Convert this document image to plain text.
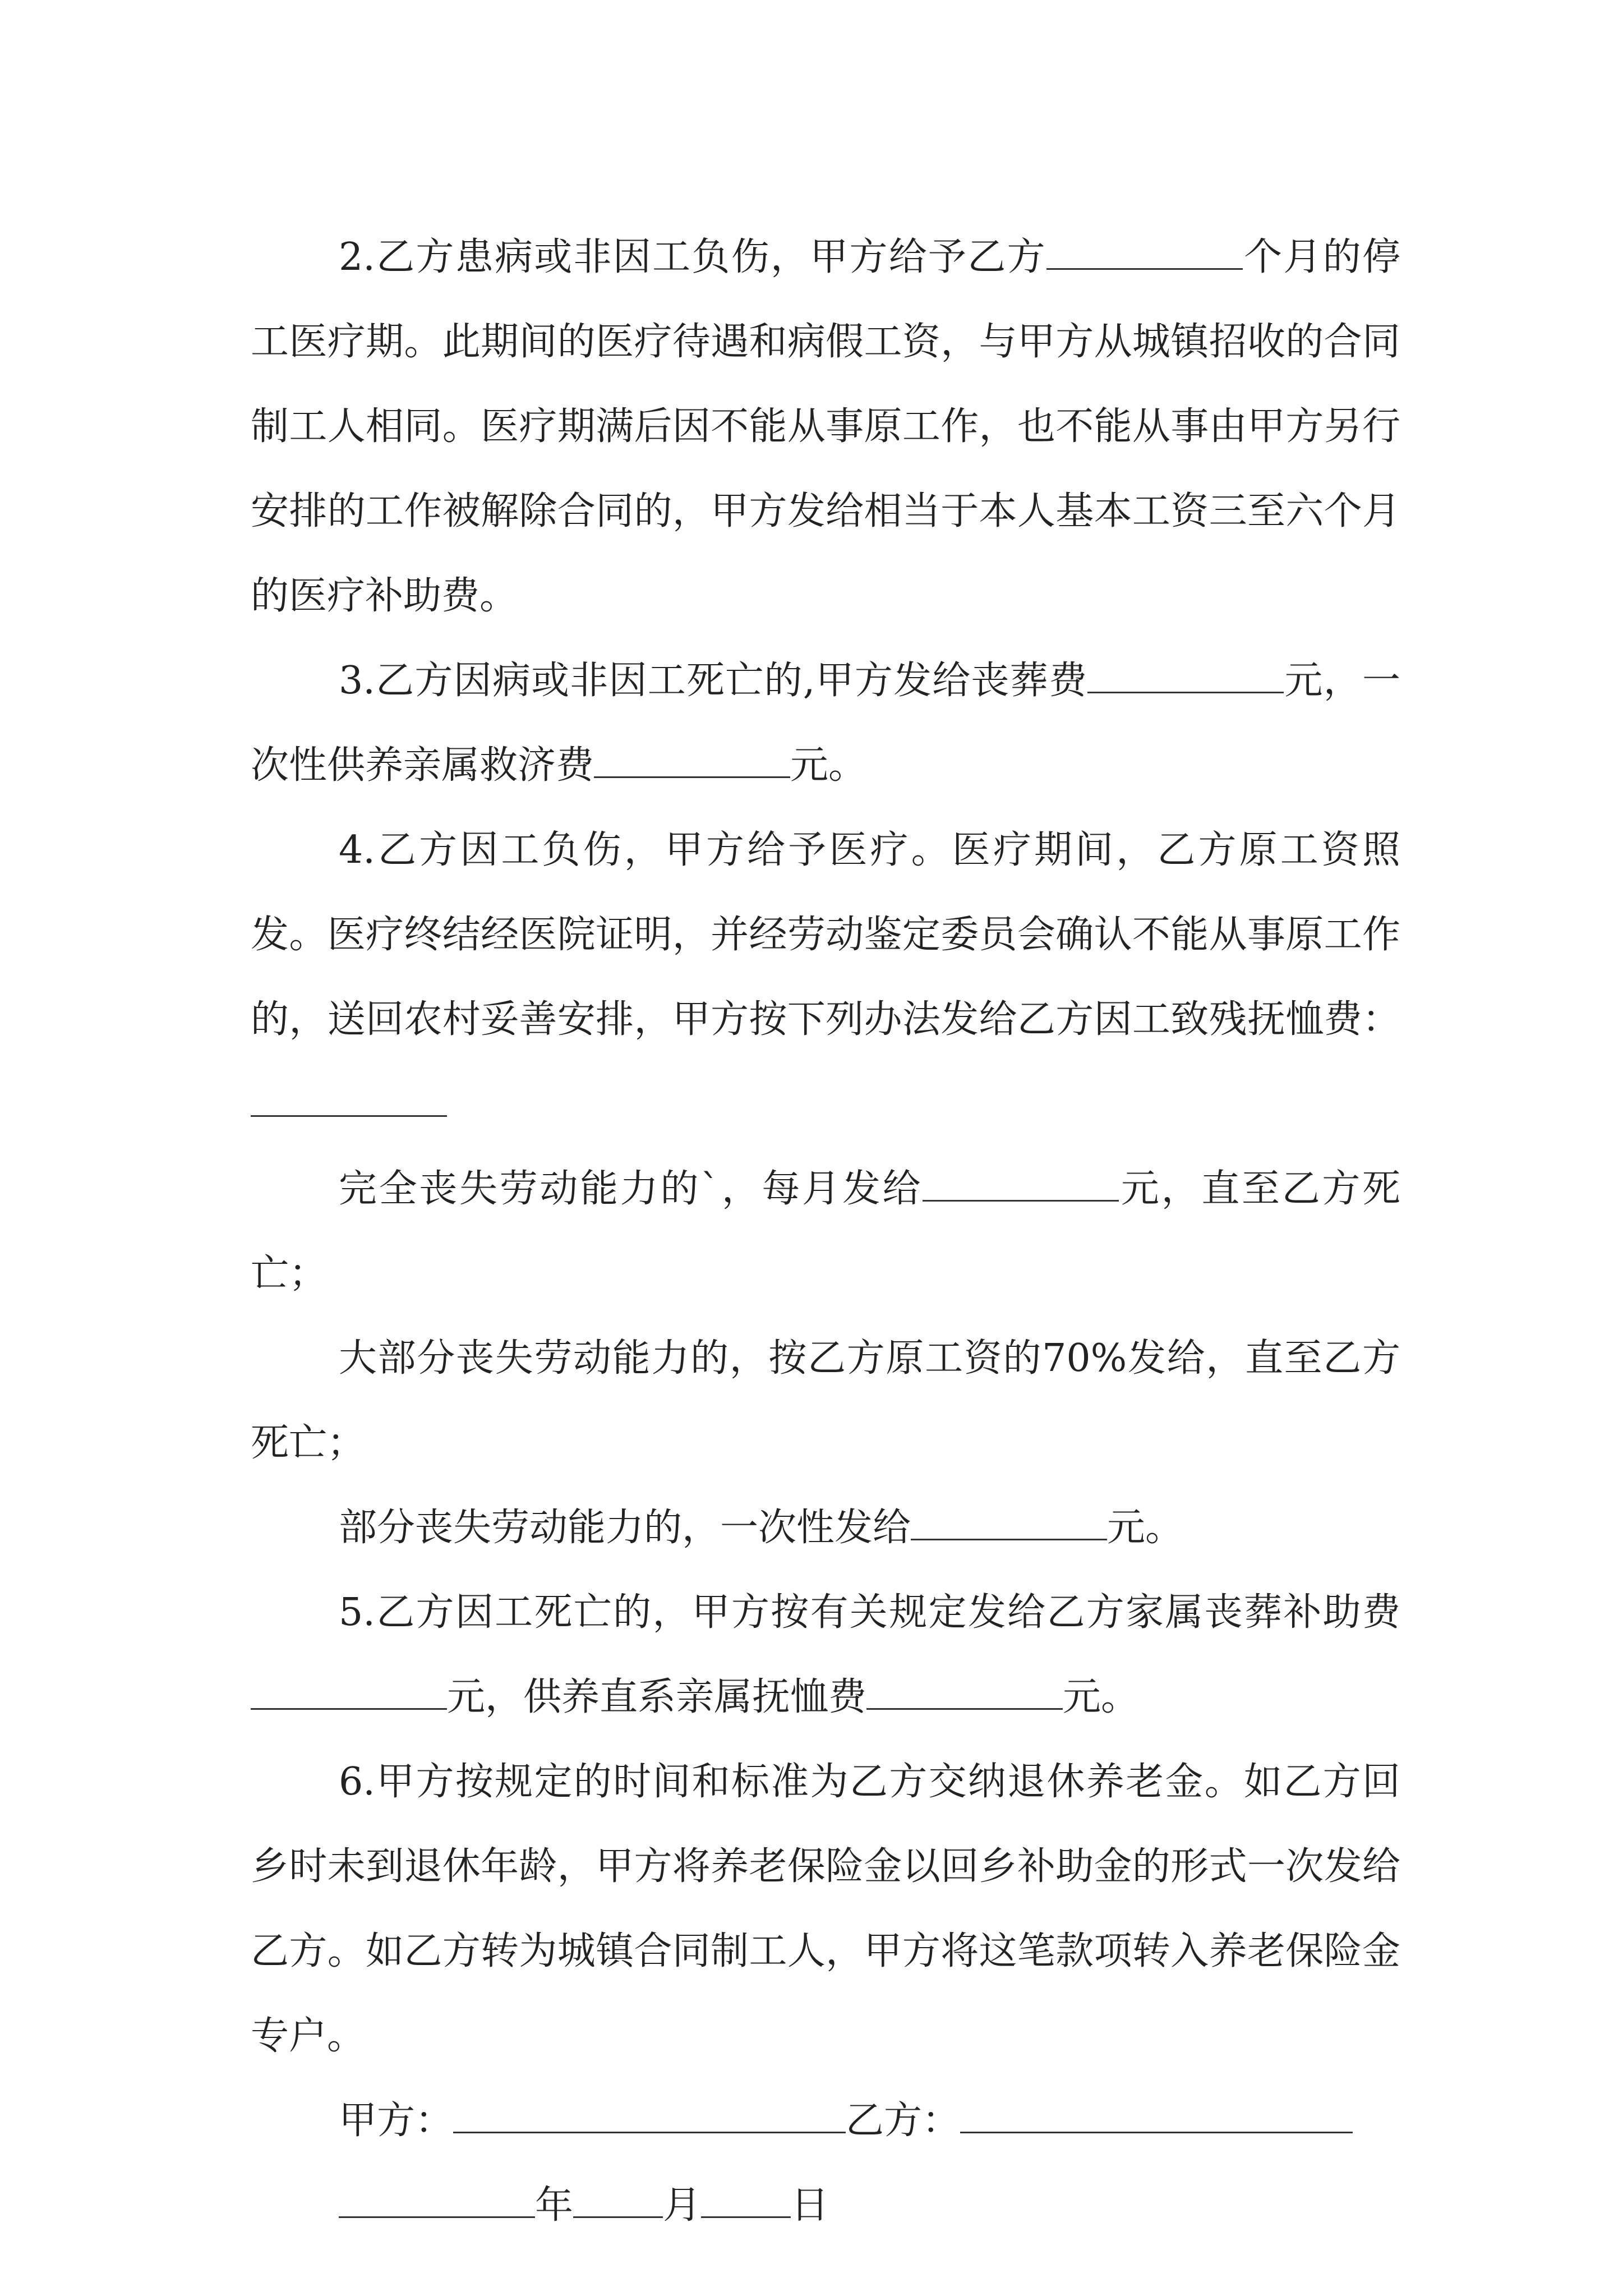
2.乙方患病或非因工负伤，甲方给予乙方	个月的停工医疗期。此期间的医疗待遇和病假工资，与甲方从城镇招收的合同制工人相同。医疗期满后因不能从事原工作，也不能从事由甲方另行安排的工作被解除合同的，甲方发给相当于本人基本工资三至六个月的医疗补助费。

3.乙方因病或非因工死亡的,甲方发给丧葬费	元，一次性供养亲属救济费	元。

4.乙方因工负伤，甲方给予医疗。医疗期间，乙方原工资照发。医疗终结经医院证明，并经劳动鉴定委员会确认不能从事原工作的，送回农村妥善安排，甲方按下列办法发给乙方因工致残抚恤费：

完全丧失劳动能力的`，每月发给	元，直至乙方死亡；

大部分丧失劳动能力的，按乙方原工资的70%发给，直至乙方死亡；

部分丧失劳动能力的，一次性发给	元。

5.乙方因工死亡的，甲方按有关规定发给乙方家属丧葬补助费元，供养直系亲属抚恤费	元。

6.甲方按规定的时间和标准为乙方交纳退休养老金。如乙方回乡时未到退休年龄，甲方将养老保险金以回乡补助金的形式一次发给乙方。如乙方转为城镇合同制工人，甲方将这笔款项转入养老保险金专户。

甲方：	乙方：

年 月 日
